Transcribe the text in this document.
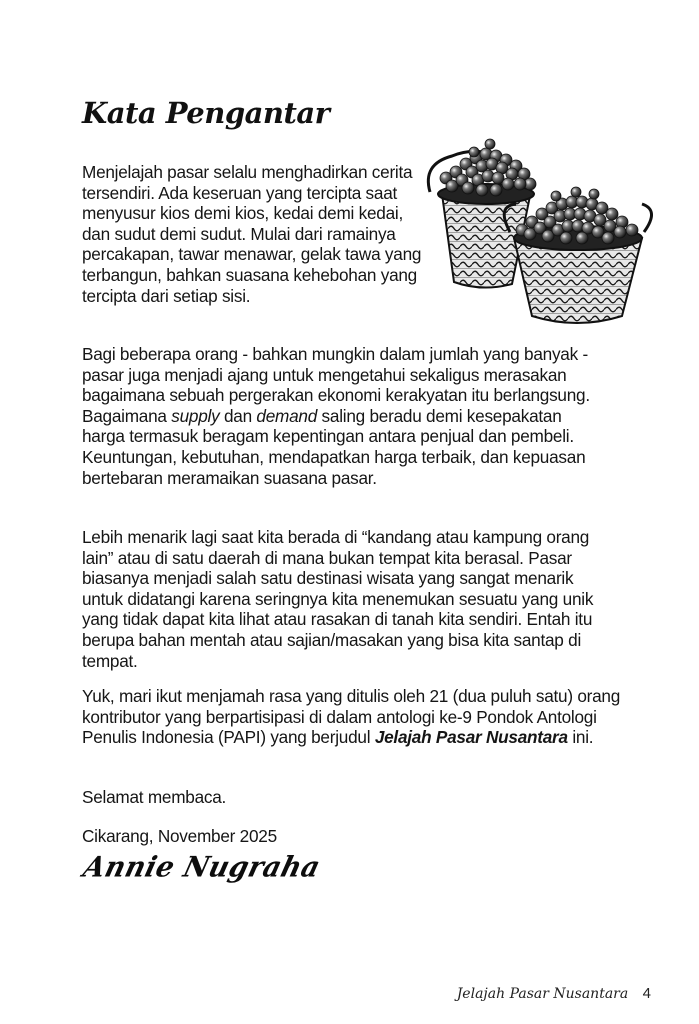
Kata Pengantar

Menjelajah pasar selalu menghadirkan cerita tersendiri. Ada keseruan yang tercipta saat menyusur kios demi kios, kedai demi kedai, dan sudut demi sudut. Mulai dari ramainya percakapan, tawar menawar, gelak tawa yang terbangun, bahkan suasana kehebohan yang tercipta dari setiap sisi.

Bagi beberapa orang - bahkan mungkin dalam jumlah yang banyak - pasar juga menjadi ajang untuk mengetahui sekaligus merasakan bagaimana sebuah pergerakan ekonomi kerakyatan itu berlangsung. Bagaimana supply dan demand saling beradu demi kesepakatan harga termasuk beragam kepentingan antara penjual dan pembeli. Keuntungan, kebutuhan, mendapatkan harga terbaik, dan kepuasan bertebaran meramaikan suasana pasar.

Lebih menarik lagi saat kita berada di “kandang atau kampung orang lain” atau di satu daerah di mana bukan tempat kita berasal. Pasar biasanya menjadi salah satu destinasi wisata yang sangat menarik untuk didatangi karena seringnya kita menemukan sesuatu yang unik yang tidak dapat kita lihat atau rasakan di tanah kita sendiri. Entah itu berupa bahan mentah atau sajian/masakan yang bisa kita santap di tempat.

Yuk, mari ikut menjamah rasa yang ditulis oleh 21 (dua puluh satu) orang kontributor yang berpartisipasi di dalam antologi ke-9 Pondok Antologi Penulis Indonesia (PAPI) yang berjudul Jelajah Pasar Nusantara ini.

Selamat membaca.

Cikarang, November 2025

Annie Nugraha
Jelajah Pasar Nusantara 4
